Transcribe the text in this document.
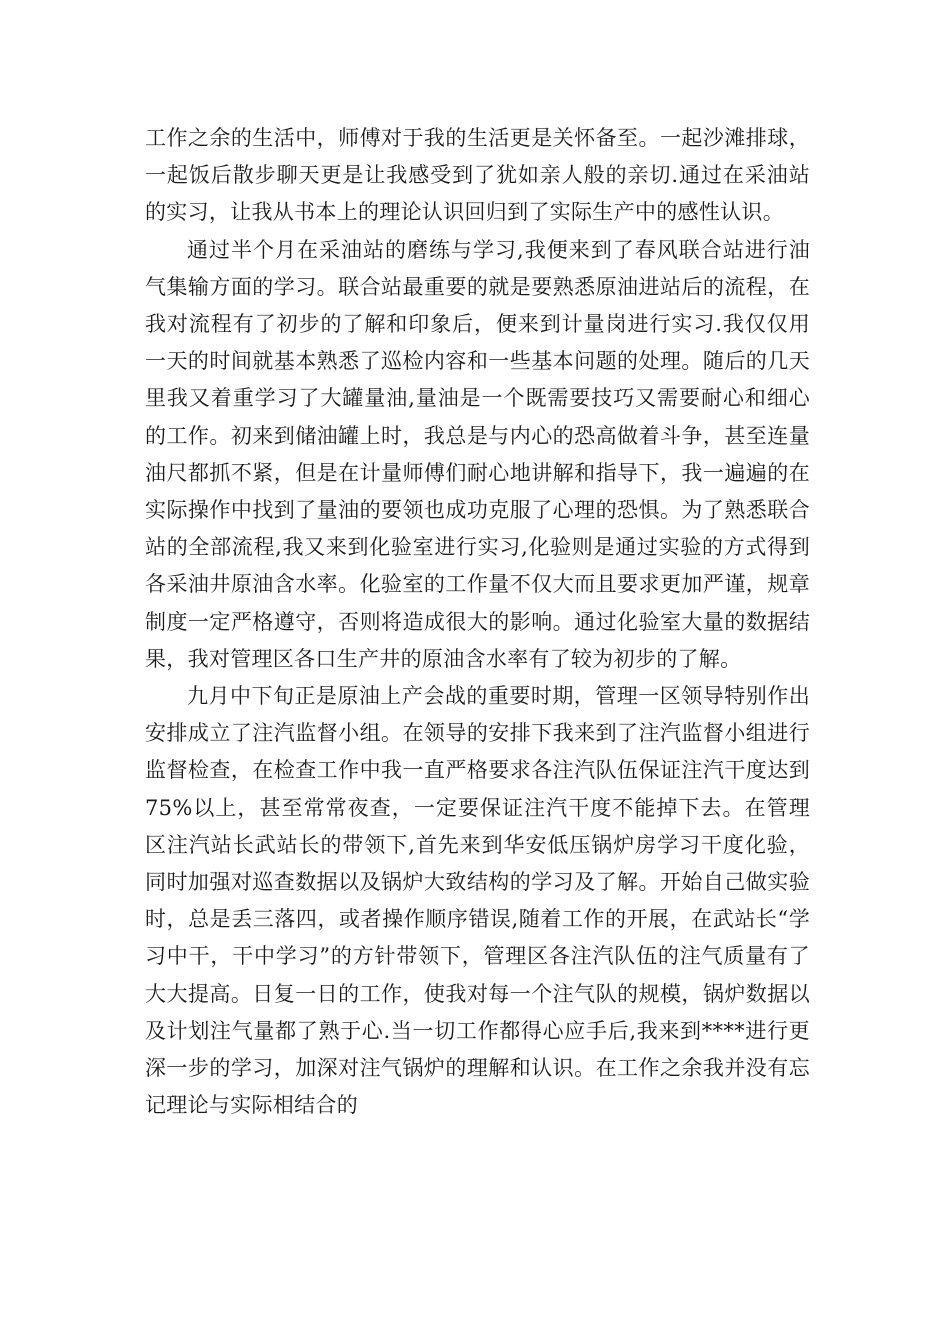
工作之余的生活中，师傅对于我的生活更是关怀备至。一起沙滩排球，一起饭后散步聊天更是让我感受到了犹如亲人般的亲切.通过在采油站的实习，让我从书本上的理论认识回归到了实际生产中的感性认识。

通过半个月在采油站的磨练与学习,我便来到了春风联合站进行油气集输方面的学习。联合站最重要的就是要熟悉原油进站后的流程，在我对流程有了初步的了解和印象后，便来到计量岗进行实习.我仅仅用一天的时间就基本熟悉了巡检内容和一些基本问题的处理。随后的几天里我又着重学习了大罐量油,量油是一个既需要技巧又需要耐心和细心的工作。初来到储油罐上时，我总是与内心的恐高做着斗争，甚至连量油尺都抓不紧，但是在计量师傅们耐心地讲解和指导下，我一遍遍的在实际操作中找到了量油的要领也成功克服了心理的恐惧。为了熟悉联合站的全部流程,我又来到化验室进行实习,化验则是通过实验的方式得到各采油井原油含水率。化验室的工作量不仅大而且要求更加严谨，规章制度一定严格遵守，否则将造成很大的影响。通过化验室大量的数据结果，我对管理区各口生产井的原油含水率有了较为初步的了解。

九月中下旬正是原油上产会战的重要时期，管理一区领导特别作出安排成立了注汽监督小组。在领导的安排下我来到了注汽监督小组进行监督检查，在检查工作中我一直严格要求各注汽队伍保证注汽干度达到75%以上，甚至常常夜查，一定要保证注汽干度不能掉下去。在管理区注汽站长武站长的带领下,首先来到华安低压锅炉房学习干度化验，同时加强对巡查数据以及锅炉大致结构的学习及了解。开始自己做实验时，总是丢三落四，或者操作顺序错误,随着工作的开展，在武站长“学习中干，干中学习”的方针带领下，管理区各注汽队伍的注气质量有了大大提高。日复一日的工作，使我对每一个注气队的规模，锅炉数据以及计划注气量都了熟于心.当一切工作都得心应手后,我来到****进行更深一步的学习，加深对注气锅炉的理解和认识。在工作之余我并没有忘记理论与实际相结合的
